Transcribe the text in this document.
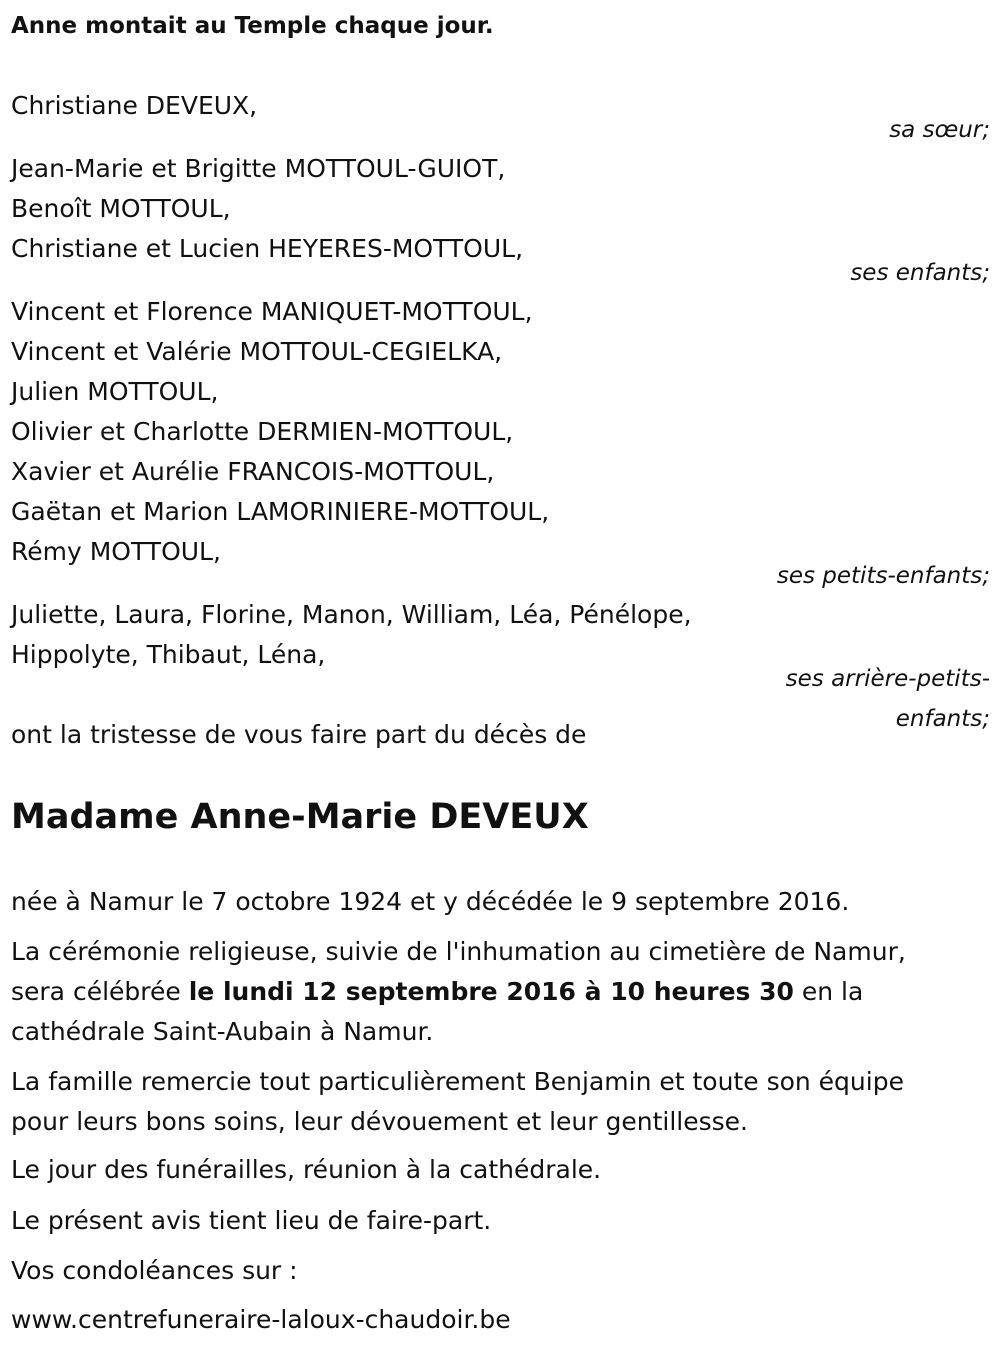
Anne montait au Temple chaque jour.
Christiane DEVEUX,
sa sœur;
Jean-Marie et Brigitte MOTTOUL-GUIOT,
Benoît MOTTOUL,
Christiane et Lucien HEYERES-MOTTOUL,
ses enfants;
Vincent et Florence MANIQUET-MOTTOUL,
Vincent et Valérie MOTTOUL-CEGIELKA,
Julien MOTTOUL,
Olivier et Charlotte DERMIEN-MOTTOUL,
Xavier et Aurélie FRANCOIS-MOTTOUL,
Gaëtan et Marion LAMORINIERE-MOTTOUL,
Rémy MOTTOUL,
ses petits-enfants;
Juliette, Laura, Florine, Manon, William, Léa, Pénélope,
Hippolyte, Thibaut, Léna,
ses arrière-petits-
enfants;
ont la tristesse de vous faire part du décès de
Madame Anne-Marie DEVEUX
née à Namur le 7 octobre 1924 et y décédée le 9 septembre 2016.
La cérémonie religieuse, suivie de l'inhumation au cimetière de Namur,
sera célébrée le lundi 12 septembre 2016 à 10 heures 30 en la
cathédrale Saint-Aubain à Namur.
La famille remercie tout particulièrement Benjamin et toute son équipe
pour leurs bons soins, leur dévouement et leur gentillesse.
Le jour des funérailles, réunion à la cathédrale.
Le présent avis tient lieu de faire-part.
Vos condoléances sur :
www.centrefuneraire-laloux-chaudoir.be
